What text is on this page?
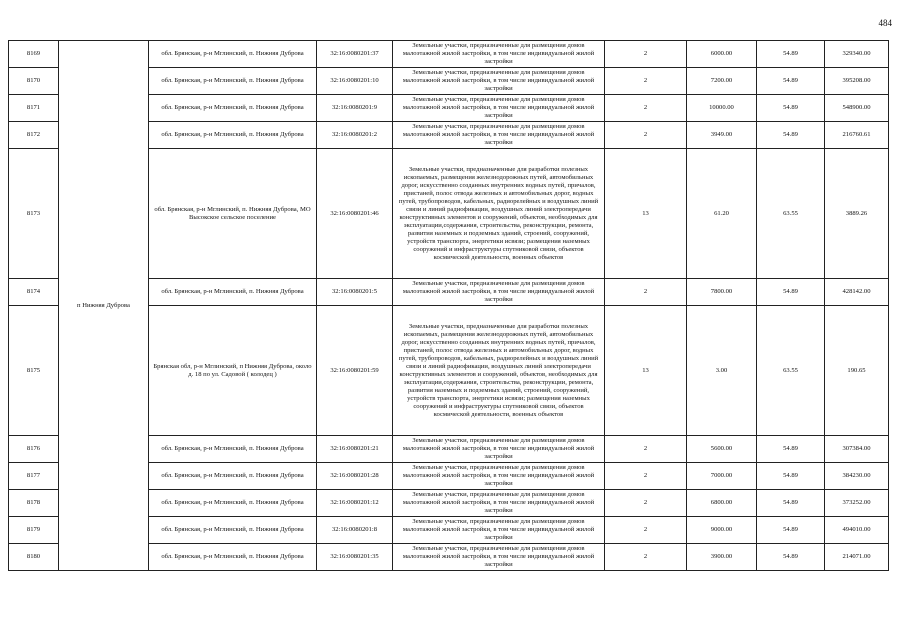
484
8169	п Нижняя Дуброва	обл. Брянская, р-н Мглинский, п. Нижняя Дуброва	32:16:0080201:37	Земельные участки, предназначенные для размещения домов малоэтажной жилой застройки, в том числе индивидуальной жилой застройки	2	6000.00	54.89	329340.00
8170		обл. Брянская, р-н Мглинский, п. Нижняя Дуброва	32:16:0080201:10	Земельные участки, предназначенные для размещения домов малоэтажной жилой застройки, в том числе индивидуальной жилой застройки	2	7200.00	54.89	395208.00
8171		обл. Брянская, р-н Мглинский, п. Нижняя Дуброва	32:16:0080201:9	Земельные участки, предназначенные для размещения домов малоэтажной жилой застройки, в том числе индивидуальной жилой застройки	2	10000.00	54.89	548900.00
8172		обл. Брянская, р-н Мглинский, п. Нижняя Дуброва	32:16:0080201:2	Земельные участки, предназначенные для размещения домов малоэтажной жилой застройки, в том числе индивидуальной жилой застройки	2	3949.00	54.89	216760.61
8173		обл. Брянская, р-н Мглинский, п. Нижняя Дуброва, МО Высокское сельское поселение	32:16:0080201:46	Земельные участки, предназначенные для разработки полезных ископаемых, размещения железнодорожных путей, автомобильных дорог, искусственно созданных внутренних водных путей, причалов, пристаней, полос отвода железных и автомобильных дорог, водных путей, трубопроводов, кабельных, радиорелейных и воздушных линий связи и линий радиофикации, воздушных линий электропередачи конструктивных элементов и сооружений, объектов, необходимых для эксплуатации,содержания, строительства, реконструкции, ремонта, развития наземных и подземных зданий, строений, сооружений, устройств транспорта, энергетики исвязи; размещения наземных сооружений и инфраструктуры спутниковой связи, объектов космической деятельности, военных объектов	13	61.20	63.55	3889.26
8174		обл. Брянская, р-н Мглинский, п. Нижняя Дуброва	32:16:0080201:5	Земельные участки, предназначенные для размещения домов малоэтажной жилой застройки, в том числе индивидуальной жилой застройки	2	7800.00	54.89	428142.00
8175		Брянская обл, р-н Мглинский, п Нижняя Дуброва, около д. 18 по ул. Садовой ( колодец )	32:16:0080201:59	Земельные участки, предназначенные для разработки полезных ископаемых, размещения железнодорожных путей, автомобильных дорог, искусственно созданных внутренних водных путей, причалов, пристаней, полос отвода железных и автомобильных дорог, водных путей, трубопроводов, кабельных, радиорелейных и воздушных линий связи и линий радиофикации, воздушных линий электропередачи конструктивных элементов и сооружений, объектов, необходимых для эксплуатации,содержания, строительства, реконструкции, ремонта, развития наземных и подземных зданий, строений, сооружений, устройств транспорта, энергетики исвязи; размещения наземных сооружений и инфраструктуры спутниковой связи, объектов космической деятельности, военных объектов	13	3.00	63.55	190.65
8176		обл. Брянская, р-н Мглинский, п. Нижняя Дуброва	32:16:0080201:21	Земельные участки, предназначенные для размещения домов малоэтажной жилой застройки, в том числе индивидуальной жилой застройки	2	5600.00	54.89	307384.00
8177		обл. Брянская, р-н Мглинский, п. Нижняя Дуброва	32:16:0080201:28	Земельные участки, предназначенные для размещения домов малоэтажной жилой застройки, в том числе индивидуальной жилой застройки	2	7000.00	54.89	384230.00
8178		обл. Брянская, р-н Мглинский, п. Нижняя Дуброва	32:16:0080201:12	Земельные участки, предназначенные для размещения домов малоэтажной жилой застройки, в том числе индивидуальной жилой застройки	2	6800.00	54.89	373252.00
8179		обл. Брянская, р-н Мглинский, п. Нижняя Дуброва	32:16:0080201:8	Земельные участки, предназначенные для размещения домов малоэтажной жилой застройки, в том числе индивидуальной жилой застройки	2	9000.00	54.89	494010.00
8180		обл. Брянская, р-н Мглинский, п. Нижняя Дуброва	32:16:0080201:35	Земельные участки, предназначенные для размещения домов малоэтажной жилой застройки, в том числе индивидуальной жилой застройки	2	3900.00	54.89	214071.00
